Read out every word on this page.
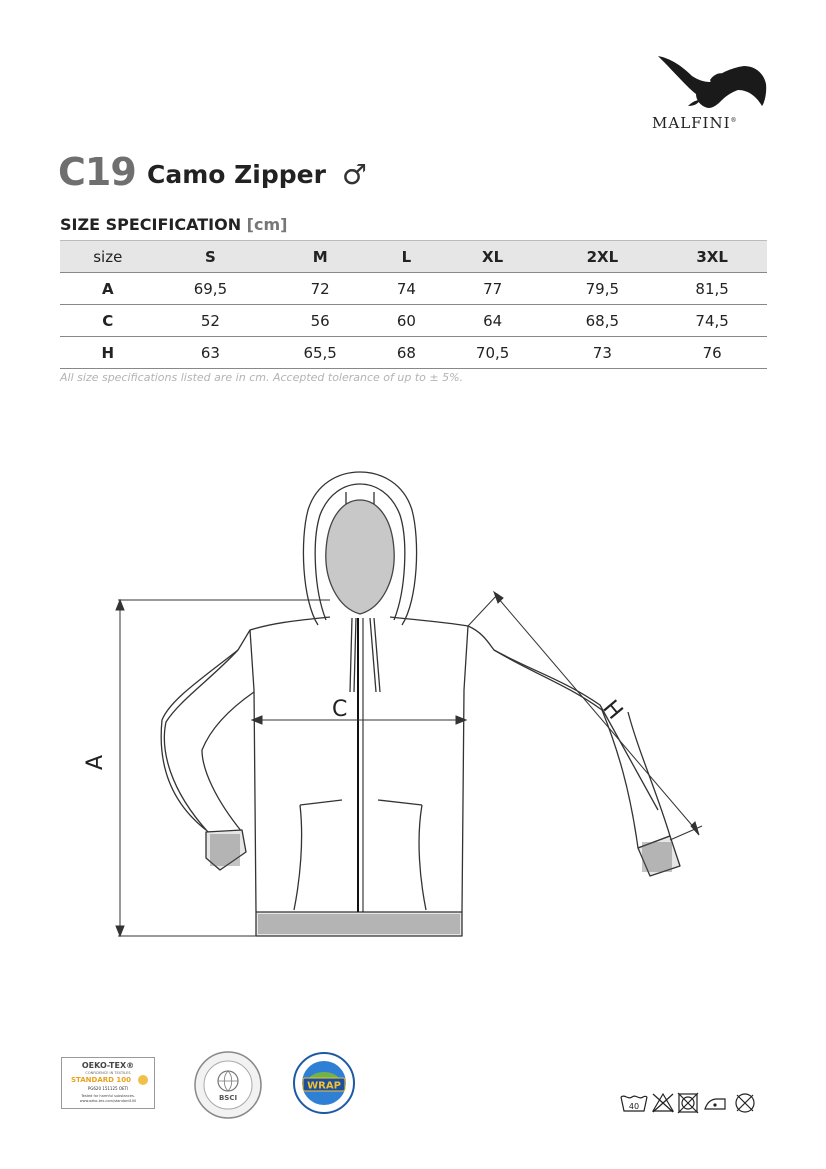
MALFINI®
C19 Camo Zipper ♂
SIZE SPECIFICATION [cm]
size	S	M	L	XL	2XL	3XL
A	69,5	72	74	77	79,5	81,5
C	52	56	60	64	68,5	74,5
H	63	65,5	68	70,5	73	76
All size specifications listed are in cm. Accepted tolerance of up to ± 5%.
A
C	H
OEKO-TEX®
CONFIDENCE IN TEXTILES
STANDARD 100
PG620 151125 OETI
Tested for harmful substances.
www.oeko-tex.com/standard100	BSCI
WRAP
40
